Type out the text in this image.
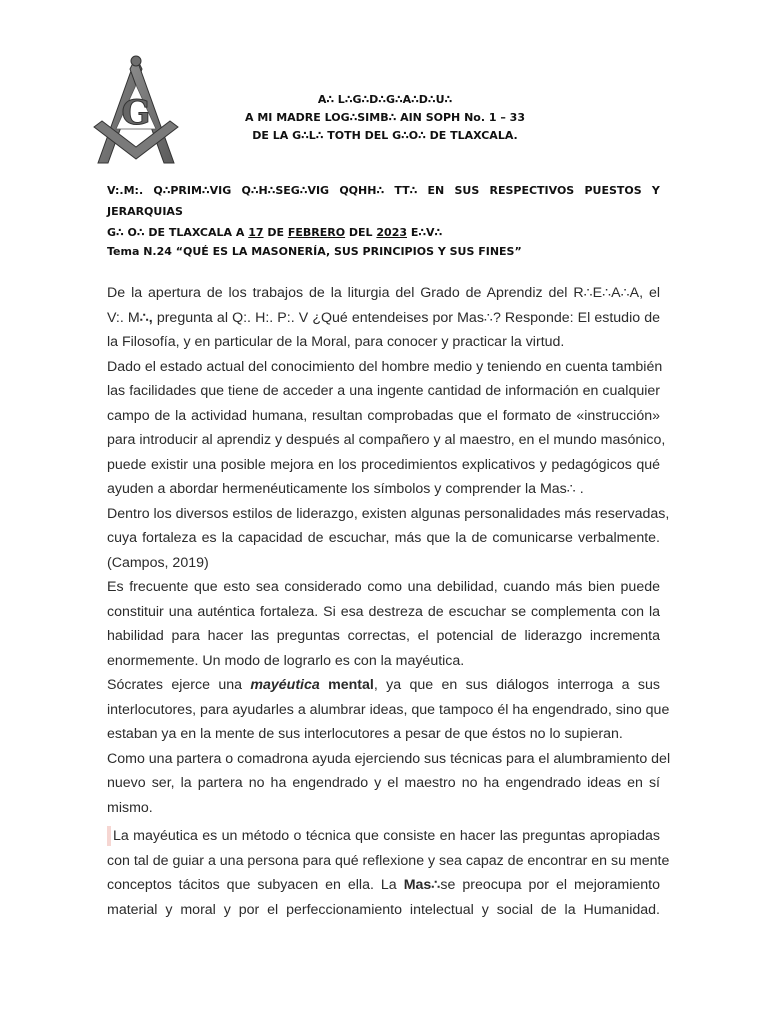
G	A∴ L∴G∴D∴G∴A∴D∴U∴
A MI MADRE LOG∴SIMB∴ AIN SOPH No. 1 – 33
DE LA G∴L∴ TOTH DEL G∴O∴ DE TLAXCALA.
V:.M:. Q∴PRIM∴VIG Q∴H∴SEG∴VIG QQHH∴ TT∴ EN SUS RESPECTIVOS PUESTOS Y
JERARQUIAS
G∴ O∴ DE TLAXCALA A 17 DE FEBRERO DEL 2023 E∴V∴
Tema N.24 “QUÉ ES LA MASONERÍA, SUS PRINCIPIOS Y SUS FINES”
De la apertura de los trabajos de la liturgia del Grado de Aprendiz del R∴E∴A∴A, el
V:. M∴, pregunta al Q:. H:. P:. V ¿Qué entendeises por Mas∴? Responde: El estudio de
la Filosofía, y en particular de la Moral, para conocer y practicar la virtud.
Dado el estado actual del conocimiento del hombre medio y teniendo en cuenta también
las facilidades que tiene de acceder a una ingente cantidad de información en cualquier
campo de la actividad humana, resultan comprobadas que el formato de «instrucción»
para introducir al aprendiz y después al compañero y al maestro, en el mundo masónico,
puede existir una posible mejora en los procedimientos explicativos y pedagógicos qué
ayuden a abordar hermenéuticamente los símbolos y comprender la Mas∴ .
Dentro los diversos estilos de liderazgo, existen algunas personalidades más reservadas,
cuya fortaleza es la capacidad de escuchar, más que la de comunicarse verbalmente.
(Campos, 2019)
Es frecuente que esto sea considerado como una debilidad, cuando más bien puede
constituir una auténtica fortaleza. Si esa destreza de escuchar se complementa con la
habilidad para hacer las preguntas correctas, el potencial de liderazgo incrementa
enormemente. Un modo de lograrlo es con la mayéutica.
Sócrates ejerce una mayéutica mental, ya que en sus diálogos interroga a sus
interlocutores, para ayudarles a alumbrar ideas, que tampoco él ha engendrado, sino que
estaban ya en la mente de sus interlocutores a pesar de que éstos no lo supieran.
Como una partera o comadrona ayuda ejerciendo sus técnicas para el alumbramiento del
nuevo ser, la partera no ha engendrado y el maestro no ha engendrado ideas en sí
mismo.
La mayéutica es un método o técnica que consiste en hacer las preguntas apropiadas
con tal de guiar a una persona para qué reflexione y sea capaz de encontrar en su mente
conceptos tácitos que subyacen en ella. La Mas∴se preocupa por el mejoramiento
material y moral y por el perfeccionamiento intelectual y social de la Humanidad.
